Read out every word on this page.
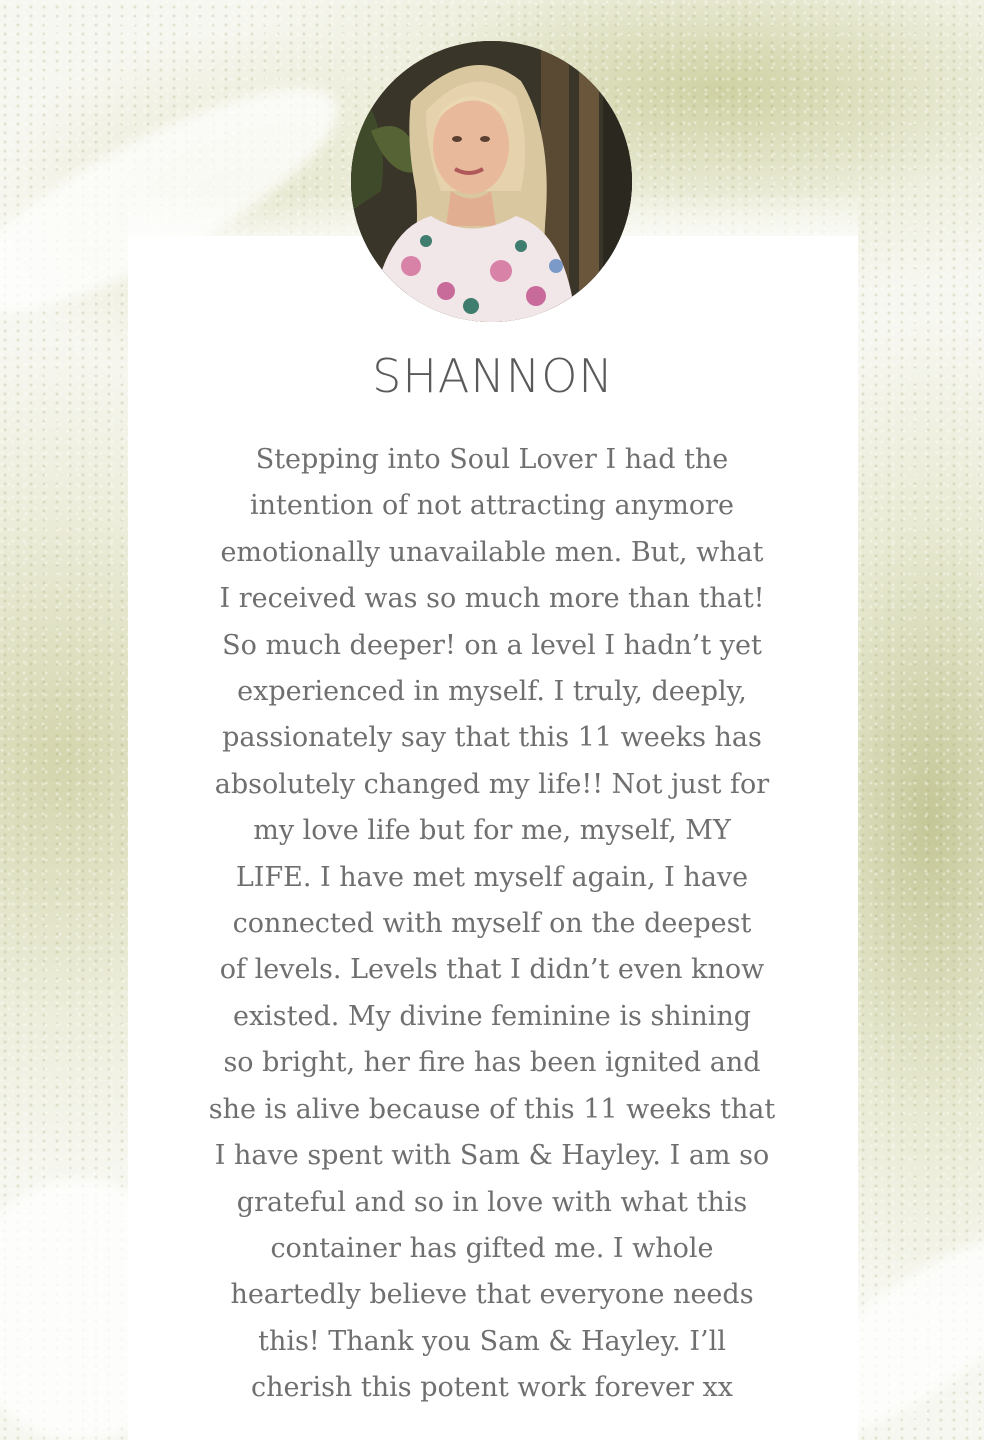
SHANNON

Stepping into Soul Lover I had the
intention of not attracting anymore
emotionally unavailable men. But, what
I received was so much more than that!
So much deeper! on a level I hadn’t yet
experienced in myself. I truly, deeply,
passionately say that this 11 weeks has
absolutely changed my life!! Not just for
my love life but for me, myself, MY
LIFE. I have met myself again, I have
connected with myself on the deepest
of levels. Levels that I didn’t even know
existed. My divine feminine is shining
so bright, her fire has been ignited and
she is alive because of this 11 weeks that
I have spent with Sam & Hayley. I am so
grateful and so in love with what this
container has gifted me. I whole
heartedly believe that everyone needs
this! Thank you Sam & Hayley. I’ll
cherish this potent work forever xx
